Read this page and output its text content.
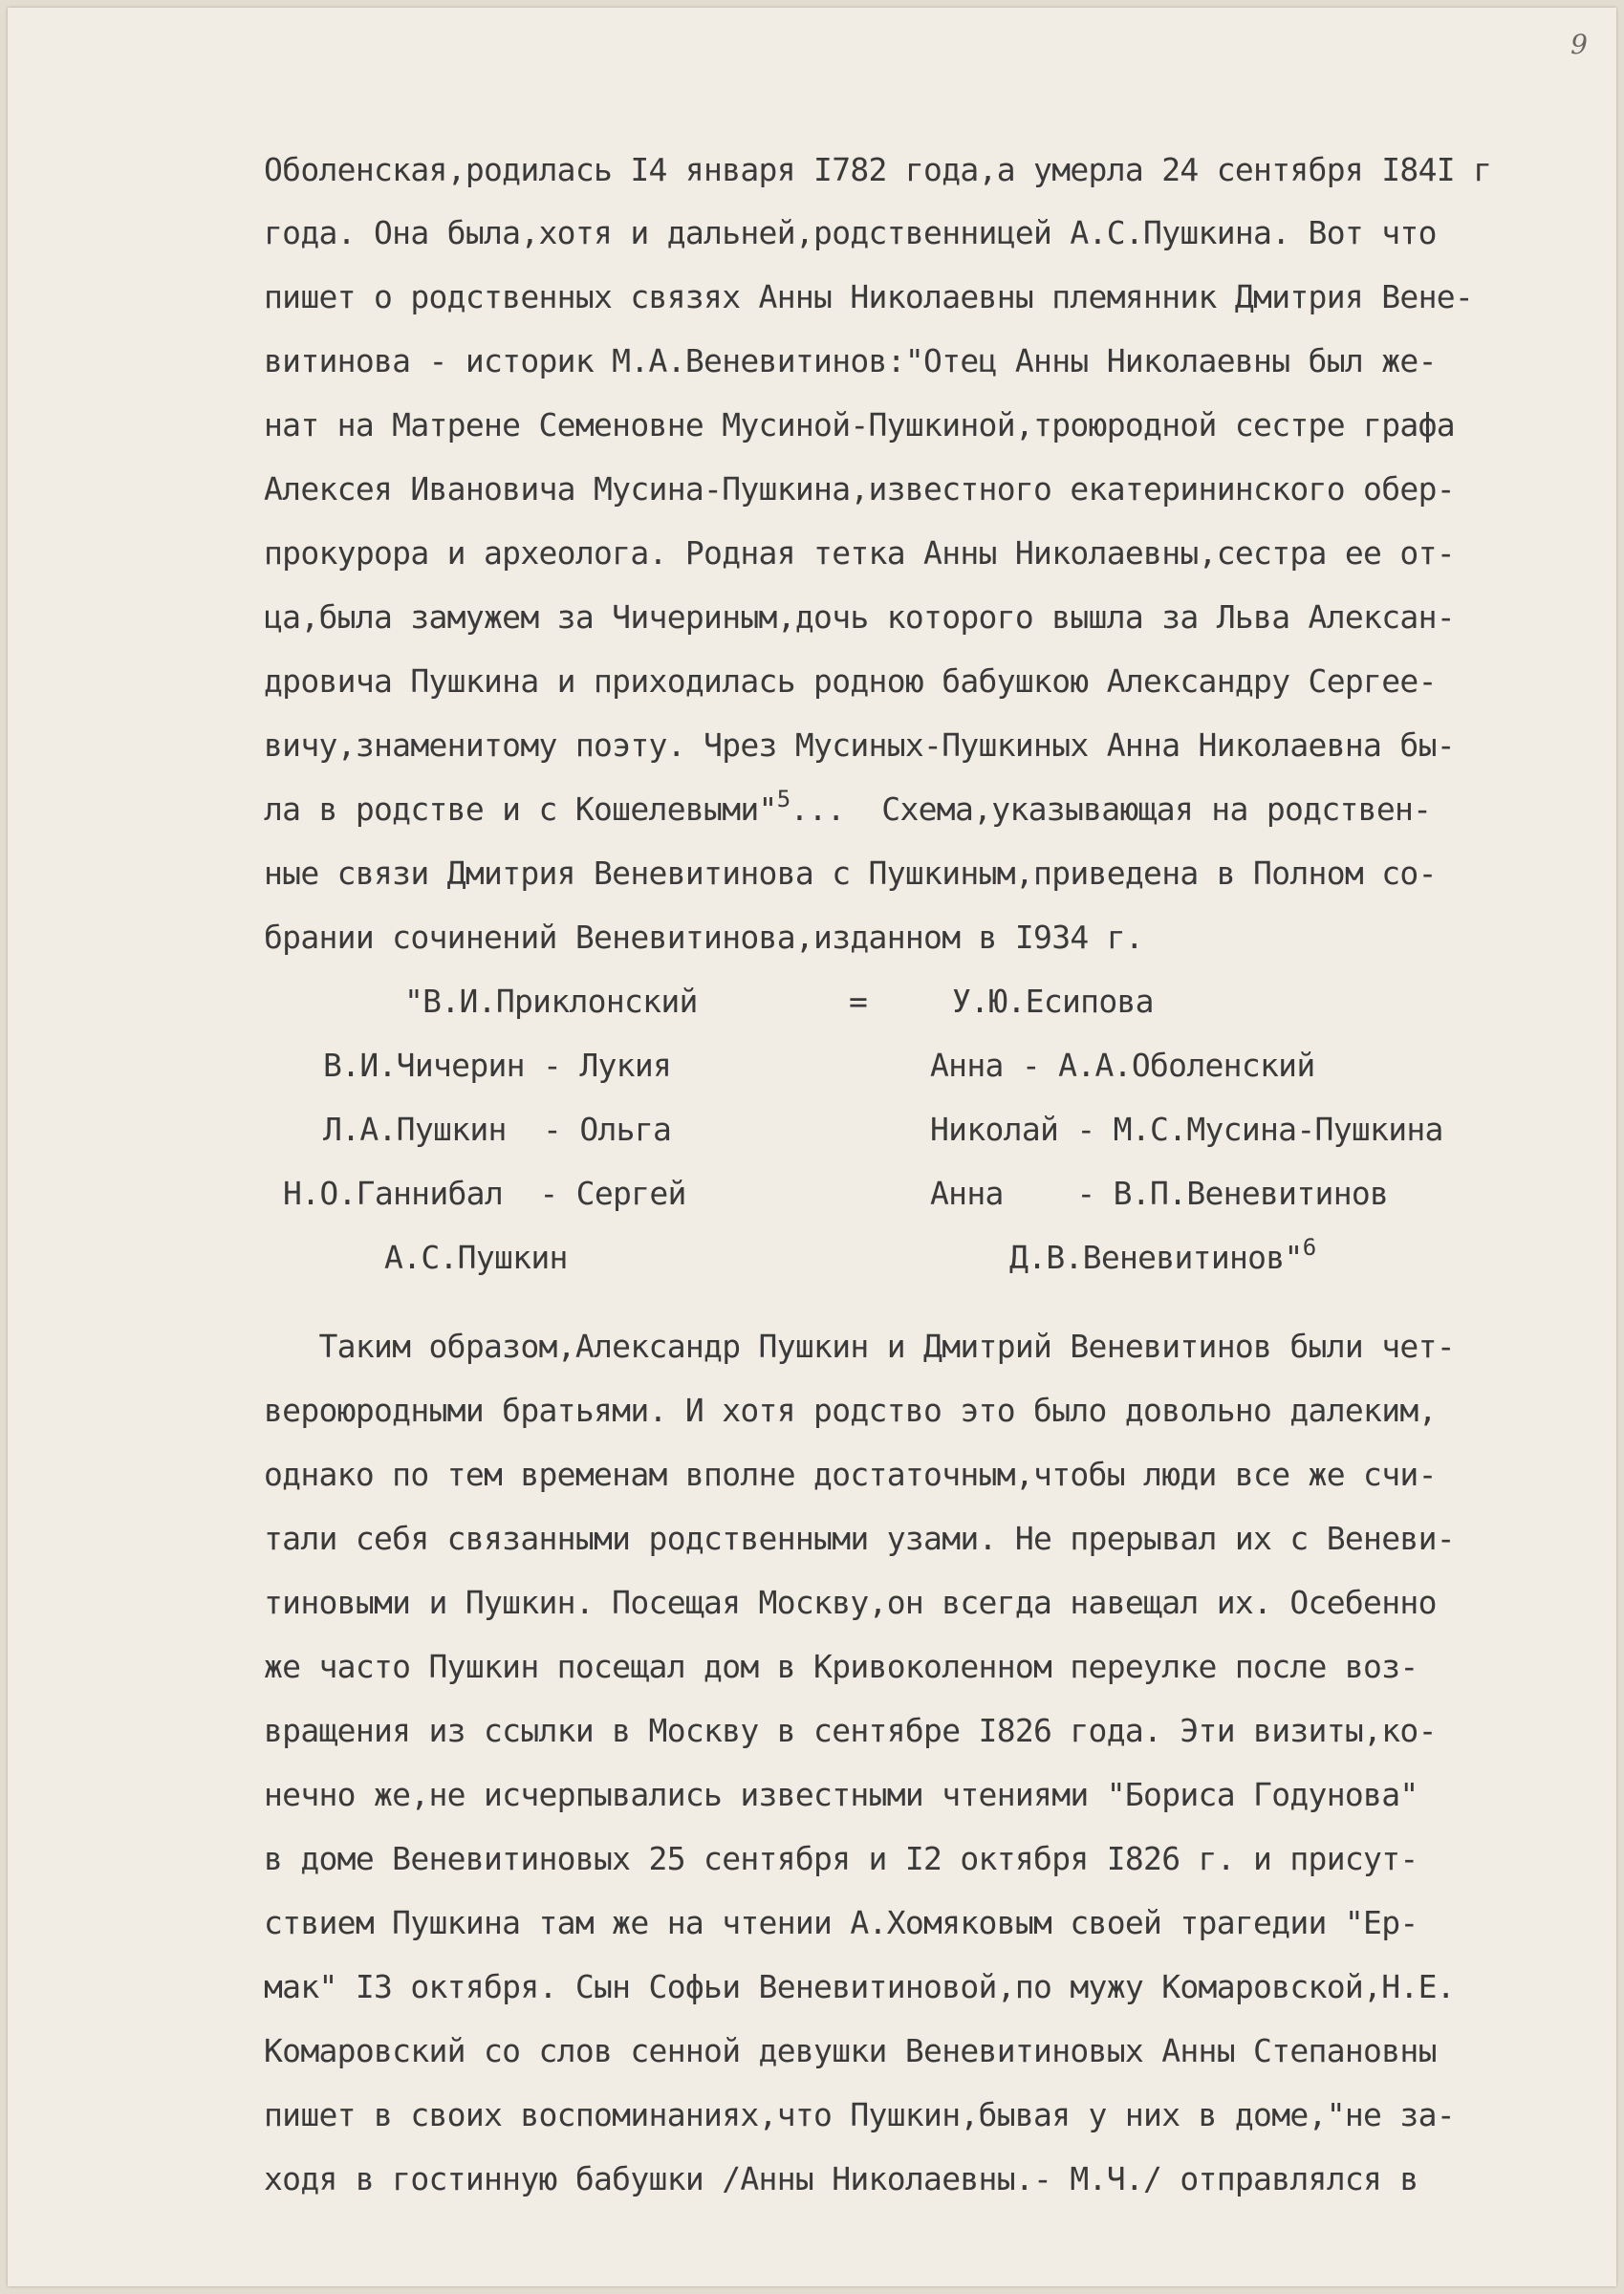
9
Оболенская,родилась I4 января I782 года,а умерла 24 сентября I84I г
года. Она была,хотя и дальней,родственницей А.С.Пушкина. Вот что
пишет о родственных связях Анны Николаевны племянник Дмитрия Вене-
витинова - историк М.А.Веневитинов:"Отец Анны Николаевны был же-
нат на Матрене Семеновне Мусиной-Пушкиной,троюродной сестре графа
Алексея Ивановича Мусина-Пушкина,известного екатерининского обер-
прокурора и археолога. Родная тетка Анны Николаевны,сестра ее от-
ца,была замужем за Чичериным,дочь которого вышла за Льва Алексан-
дровича Пушкина и приходилась родною бабушкою Александру Сергее-
вичу,знаменитому поэту. Чрез Мусиных-Пушкиных Анна Николаевна бы-
ла в родстве и с Кошелевыми"$^5$...  Схема,указывающая на родствен-
ные связи Дмитрия Веневитинова с Пушкиным,приведена в Полном со-
брании сочинений Веневитинова,изданном в I934 г.
"В.И.Приклонский	=	У.Ю.Есипова
В.И.Чичерин - Лукия	Анна - А.А.Оболенский
Л.А.Пушкин  - Ольга	Николай - М.С.Мусина-Пушкина
Н.О.Ганнибал  - Сергей	Анна    - В.П.Веневитинов
А.С.Пушкин	Д.В.Веневитинов"$^6$
Таким образом,Александр Пушкин и Дмитрий Веневитинов были чет-
вероюродными братьями. И хотя родство это было довольно далеким,
однако по тем временам вполне достаточным,чтобы люди все же счи-
тали себя связанными родственными узами. Не прерывал их с Веневи-
тиновыми и Пушкин. Посещая Москву,он всегда навещал их. Осебенно
же часто Пушкин посещал дом в Кривоколенном переулке после воз-
вращения из ссылки в Москву в сентябре I826 года. Эти визиты,ко-
нечно же,не исчерпывались известными чтениями "Бориса Годунова"
в доме Веневитиновых 25 сентября и I2 октября I826 г. и присут-
ствием Пушкина там же на чтении А.Хомяковым своей трагедии "Ер-
мак" I3 октября. Сын Софьи Веневитиновой,по мужу Комаровской,Н.Е.
Комаровский со слов сенной девушки Веневитиновых Анны Степановны
пишет в своих воспоминаниях,что Пушкин,бывая у них в доме,"не за-
ходя в гостинную бабушки /Анны Николаевны.- М.Ч./ отправлялся в
